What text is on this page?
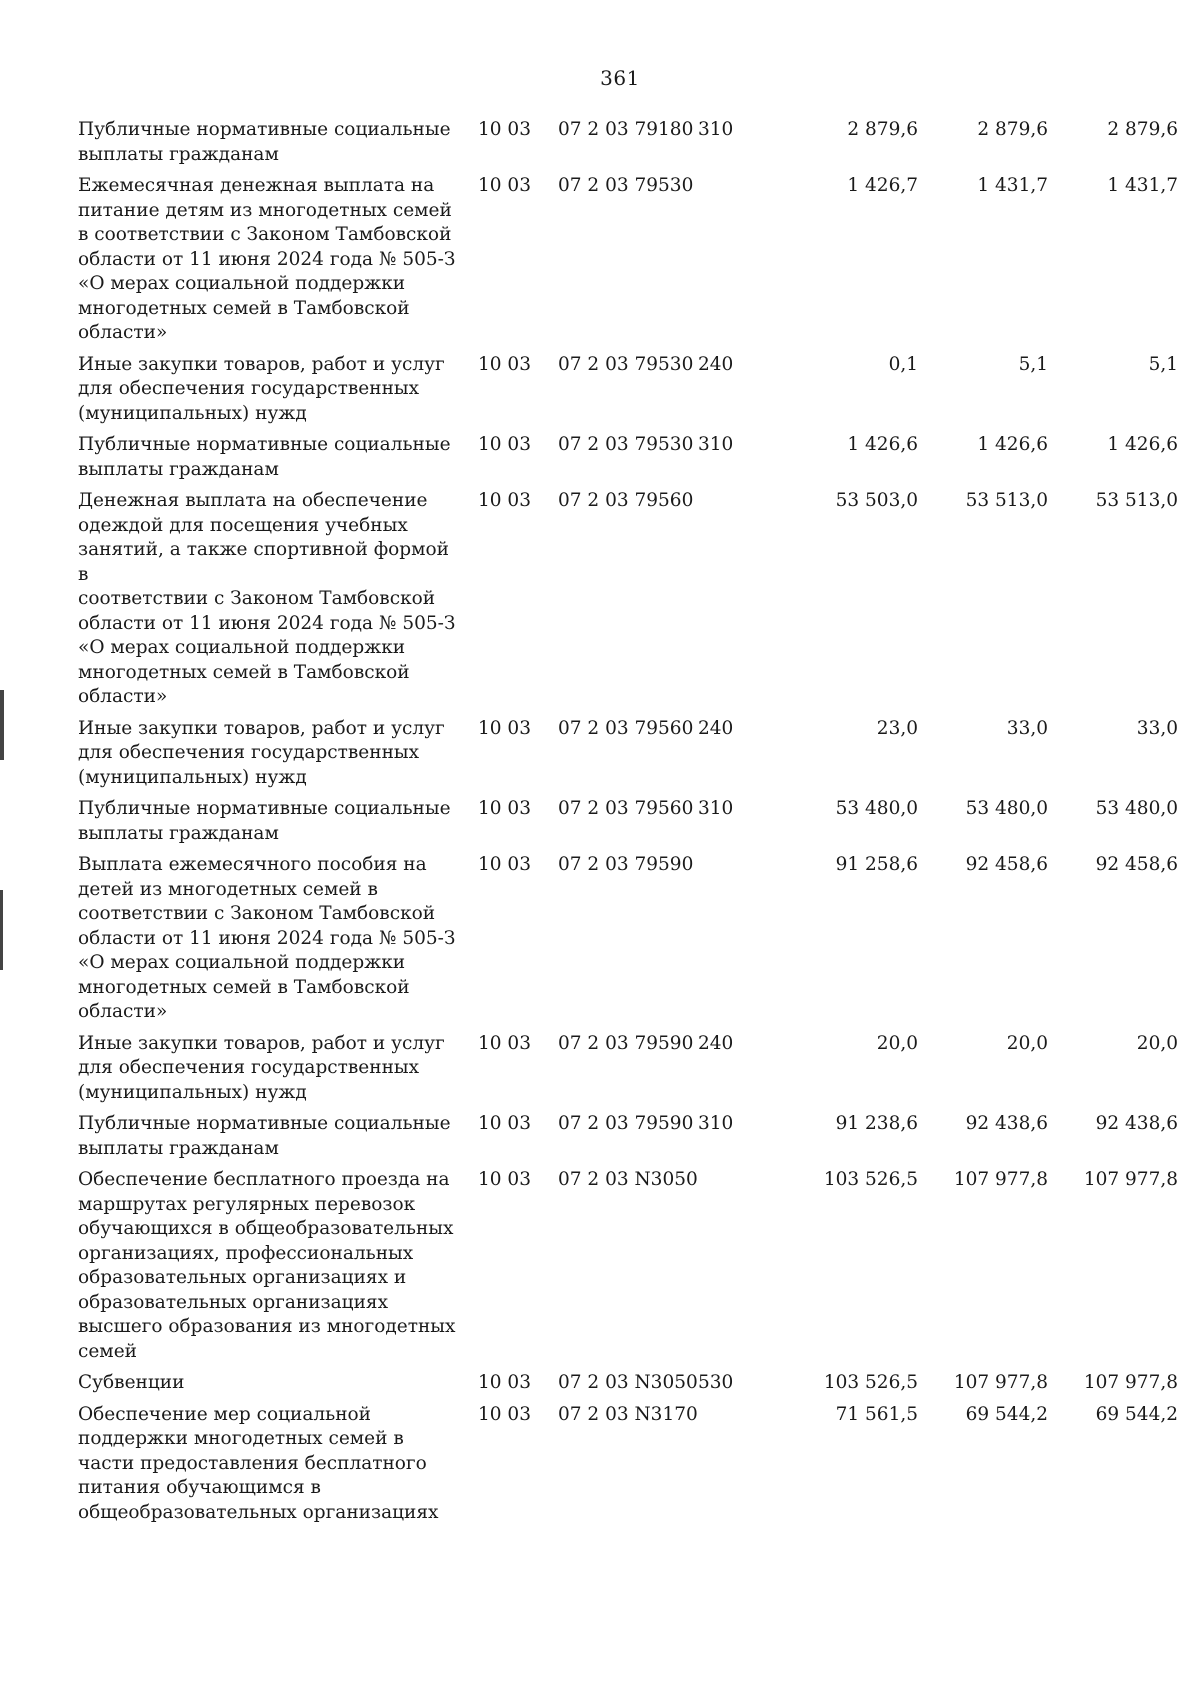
361
Публичные нормативные социальные
выплаты гражданам
10 03	07 2 03 79180 310	2 879,6	2 879,6	2 879,6
Ежемесячная денежная выплата на
питание детям из многодетных семей
в соответствии с Законом Тамбовской
области от 11 июня 2024 года № 505-З
«О мерах социальной поддержки
многодетных семей в Тамбовской
области»
10 03	07 2 03 79530	1 426,7	1 431,7	1 431,7
Иные закупки товаров, работ и услуг
для обеспечения государственных
(муниципальных) нужд
10 03	07 2 03 79530 240	0,1	5,1	5,1
Публичные нормативные социальные
выплаты гражданам
10 03	07 2 03 79530 310	1 426,6	1 426,6	1 426,6
Денежная выплата на обеспечение
одеждой для посещения учебных
занятий, а также спортивной формой в
соответствии с Законом Тамбовской
области от 11 июня 2024 года № 505-З
«О мерах социальной поддержки
многодетных семей в Тамбовской
области»
10 03	07 2 03 79560	53 503,0	53 513,0	53 513,0
Иные закупки товаров, работ и услуг
для обеспечения государственных
(муниципальных) нужд
10 03	07 2 03 79560 240	23,0	33,0	33,0
Публичные нормативные социальные
выплаты гражданам
10 03	07 2 03 79560 310	53 480,0	53 480,0	53 480,0
Выплата ежемесячного пособия на
детей из многодетных семей в
соответствии с Законом Тамбовской
области от 11 июня 2024 года № 505-З
«О мерах социальной поддержки
многодетных семей в Тамбовской
области»
10 03	07 2 03 79590	91 258,6	92 458,6	92 458,6
Иные закупки товаров, работ и услуг
для обеспечения государственных
(муниципальных) нужд
10 03	07 2 03 79590 240	20,0	20,0	20,0
Публичные нормативные социальные
выплаты гражданам
10 03	07 2 03 79590 310	91 238,6	92 438,6	92 438,6
Обеспечение бесплатного проезда на
маршрутах регулярных перевозок
обучающихся в общеобразовательных
организациях, профессиональных
образовательных организациях и
образовательных организациях
высшего образования из многодетных
семей
10 03	07 2 03 N3050	103 526,5	107 977,8	107 977,8
Субвенции	10 03	07 2 03 N3050 530	103 526,5	107 977,8	107 977,8
Обеспечение мер социальной
поддержки многодетных семей в
части предоставления бесплатного
питания обучающимся в
общеобразовательных организациях
10 03	07 2 03 N3170	71 561,5	69 544,2	69 544,2
